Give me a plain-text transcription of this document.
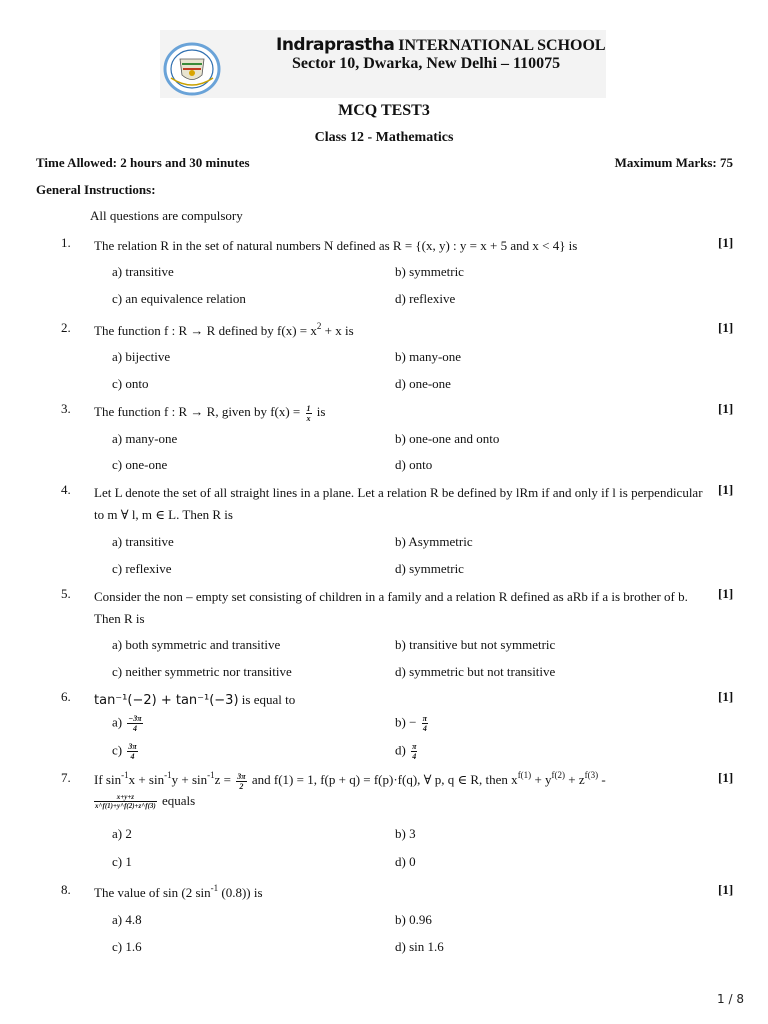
Indraprastha INTERNATIONAL SCHOOL
Sector 10, Dwarka, New Delhi – 110075
MCQ TEST3
Class 12 - Mathematics
Time Allowed: 2 hours and 30 minutes	Maximum Marks: 75
General Instructions:
All questions are compulsory
1. The relation R in the set of natural numbers N defined as R = {(x, y) : y = x + 5 and x < 4} is	[1]
a) transitive	b) symmetric
c) an equivalence relation	d) reflexive
2. The function f : R → R defined by $f(x) = x^2 + x$ is	[1]
a) bijective	b) many-one
c) onto	d) one-one
3. The function f : R → R, given by $f(x) = \frac{1}{x}$ is	[1]
a) many-one	b) one-one and onto
c) one-one	d) onto
4. Let L denote the set of all straight lines in a plane. Let a relation R be defined by lRm if and only if l is perpendicular to m ∀ l, m ∈ L. Then R is
[1]
a) transitive	b) Asymmetric
c) reflexive	d) symmetric
5. Consider the non – empty set consisting of children in a family and a relation R defined as aRb if a is brother of b. Then R is
[1]
a) both symmetric and transitive	b) transitive but not symmetric
c) neither symmetric nor transitive	d) symmetric but not transitive
6. tan⁻¹(−2) + tan⁻¹(−3) is equal to	[1]
$a) \frac{-3\pi}{4}$	$b) - \frac{\pi}{4}$
$c) \frac{3\pi}{4}$	$d) \frac{\pi}{4}$
7. If $\sin^{-1}x + \sin^{-1}y + \sin^{-1}z = \frac{3\pi}{2}$ and f(1) = 1, f(p + q) = f(p)·f(q), ∀ p, q ∈ R, then $x^{f(1)} + y^{f(2)} + z^{f(3)}$ -

$\frac{x+y+z}{x\^{}f(1)+y\^{}f(2)+z\^{}f(3)}$ equals
[1]
a) 2	b) 3
c) 1	d) 0
8. The value of sin (2 $\sin^{-1} (0.8)$) is	[1]
a) 4.8	b) 0.96
c) 1.6	d) sin 1.6
1 / 8
